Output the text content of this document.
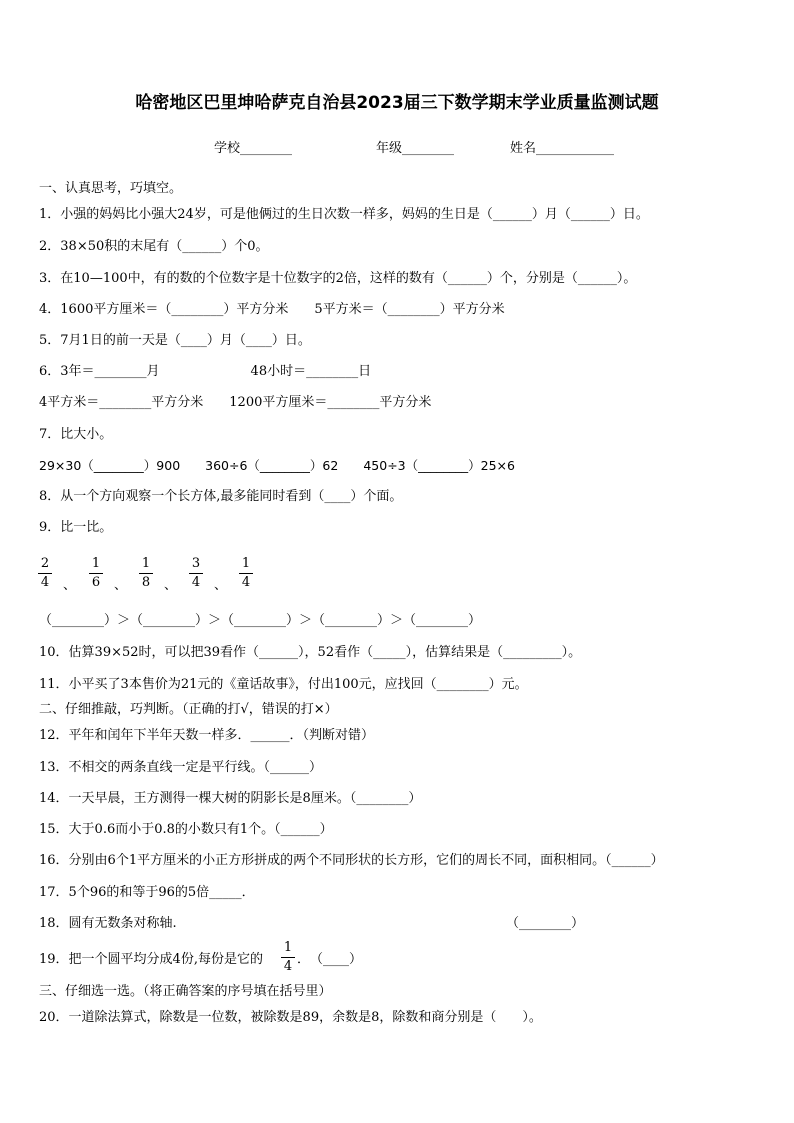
哈密地区巴里坤哈萨克自治县2023届三下数学期末学业质量监测试题
学校________	年级________	姓名____________
一、认真思考，巧填空。
1．小强的妈妈比小强大24岁，可是他俩过的生日次数一样多，妈妈的生日是（______）月（______）日。
2．38×50积的末尾有（______）个0。
3．在10—100中，有的数的个位数字是十位数字的2倍，这样的数有（______）个，分别是（______）。
4．1600平方厘米＝（________）平方分米　　5平方米＝（________）平方分米
5．7月1日的前一天是（____）月（____）日。
6．3年＝________月　　　　　　　48小时＝________日
4平方米＝________平方分米　　1200平方厘米＝________平方分米
7．比大小。
29×30（________）900　　360÷6（________）62　　450÷3（________）25×6
8．从一个方向观察一个长方体,最多能同时看到（____）个面。
9．比一比。
2
4 、
1
6 、
1
8 、
3
4 、
1
4
（________）＞（________）＞（________）＞（________）＞（________）
10．估算39×52时，可以把39看作（______），52看作（_____），估算结果是（_________）。
11．小平买了3本售价为21元的《童话故事》，付出100元，应找回（________）元。
二、仔细推敲，巧判断。（正确的打√，错误的打×）
12．平年和闰年下半年天数一样多．______．（判断对错）
13．不相交的两条直线一定是平行线。（______）
14．一天早晨，王方测得一棵大树的阴影长是8厘米。（________）
15．大于0.6而小于0.8的小数只有1个。（______）
16．分别由6个1平方厘米的小正方形拼成的两个不同形状的长方形，它们的周长不同，面积相同。（______）
17．5个96的和等于96的5倍_____．
18．圆有无数条对称轴.	（________）
19．把一个圆平均分成4份,每份是它的
1
4 ．　（____）
三、仔细选一选。（将正确答案的序号填在括号里）
20．一道除法算式，除数是一位数，被除数是89，余数是8，除数和商分别是（　　）。
